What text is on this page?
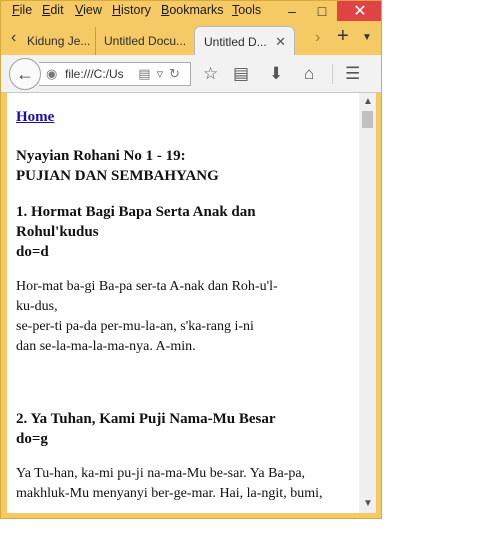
File Edit View History Bookmarks Tools	–	□	✕
‹ Kidung Je... Untitled Docu... Untitled D... ✕ › + ▼
◉ file:///C:/Us ▤▿↻
←	☆ ▤ ⬇ ⌂ ☰
Home
Nyayian Rohani No 1 - 19:
PUJIAN DAN SEMBAHYANG
1. Hormat Bagi Bapa Serta Anak dan
Rohul'kudus
do=d
Hor-mat ba-gi Ba-pa ser-ta A-nak dan Roh-u'l-
ku-dus,
se-per-ti pa-da per-mu-la-an, s'ka-rang i-ni
dan se-la-ma-la-ma-nya. A-min.
2. Ya Tuhan, Kami Puji Nama-Mu Besar
do=g
Ya Tu-han, ka-mi pu-ji na-ma-Mu be-sar. Ya Ba-pa,
makhluk-Mu menyanyi ber-ge-mar. Hai, la-ngit, bumi,
▲
▼
